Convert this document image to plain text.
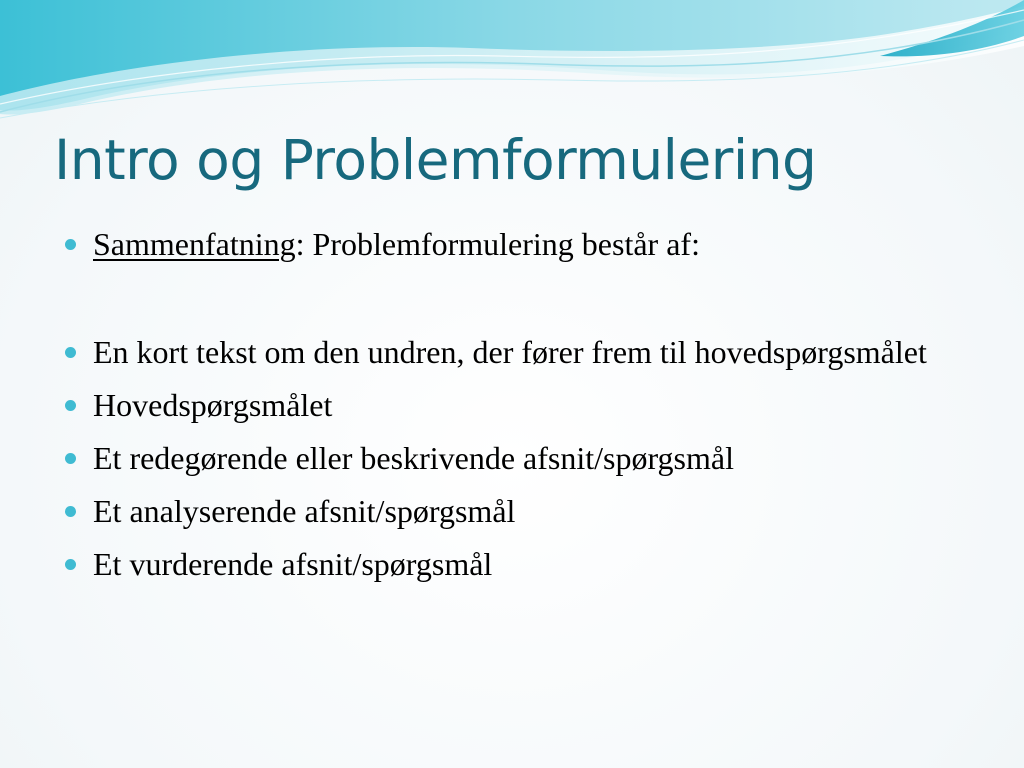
Intro og Problemformulering
Sammenfatning: Problemformulering består af:
En kort tekst om den undren, der fører frem til hovedspørgsmålet
Hovedspørgsmålet
Et redegørende eller beskrivende afsnit/spørgsmål
Et analyserende afsnit/spørgsmål
Et vurderende afsnit/spørgsmål
